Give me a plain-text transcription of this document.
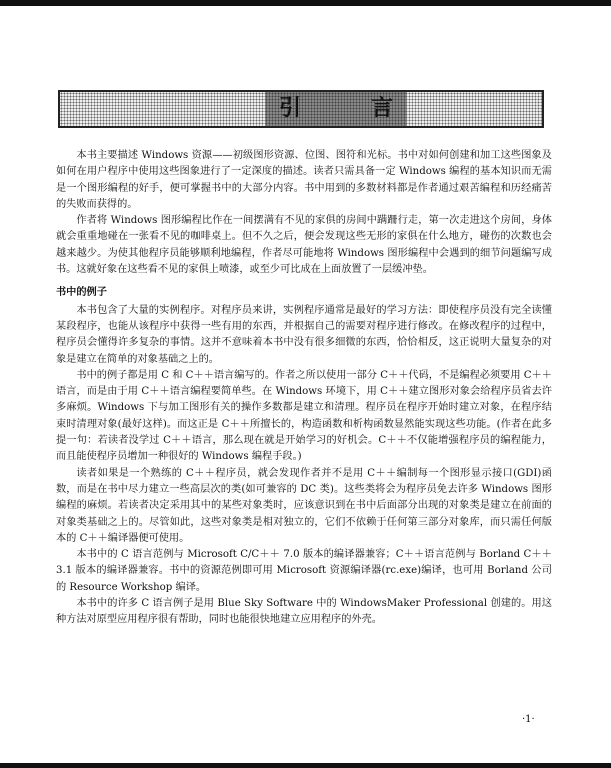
引	言

本书主要描述 Windows 资源——初级图形资源、位图、图符和光标。书中对如何创建和加工这些图象及如何在用户程序中使用这些图象进行了一定深度的描述。读者只需具备一定 Windows 编程的基本知识而无需是一个图形编程的好手，便可掌握书中的大部分内容。书中用到的多数材料都是作者通过艰苦编程和历经痛苦的失败而获得的。

作者将 Windows 图形编程比作在一间摆满有不见的家俱的房间中蹒跚行走，第一次走进这个房间，身体就会重重地碰在一张看不见的咖啡桌上。但不久之后，便会发现这些无形的家俱在什么地方，碰伤的次数也会越来越少。为使其他程序员能够顺利地编程，作者尽可能地将 Windows 图形编程中会遇到的细节问题编写成书。这就好象在这些看不见的家俱上喷漆，或至少可比成在上面放置了一层缓冲垫。

书中的例子

本书包含了大量的实例程序。对程序员来讲，实例程序通常是最好的学习方法：即使程序员没有完全读懂某段程序，也能从该程序中获得一些有用的东西，并根据自己的需要对程序进行修改。在修改程序的过程中，程序员会懂得许多复杂的事情。这并不意味着本书中没有很多细微的东西，恰恰相反，这正说明大量复杂的对象是建立在简单的对象基础之上的。

书中的例子都是用 C 和 C＋＋语言编写的。作者之所以使用一部分 C＋＋代码，不是编程必须要用 C＋＋语言，而是由于用 C＋＋语言编程要简单些。在 Windows 环境下，用 C＋＋建立图形对象会给程序员省去许多麻烦。Windows 下与加工图形有关的操作多数都是建立和清理。程序员在程序开始时建立对象，在程序结束时清理对象(最好这样)。而这正是 C＋＋所擅长的，构造函数和析构函数显然能实现这些功能。(作者在此多提一句：若读者没学过 C＋＋语言，那么现在就是开始学习的好机会。C＋＋不仅能增强程序员的编程能力，而且能使程序员增加一种很好的 Windows 编程手段。)

读者如果是一个熟练的 C＋＋程序员，就会发现作者并不是用 C＋＋编制每一个图形显示接口(GDI)函数，而是在书中尽力建立一些高层次的类(如可兼容的 DC 类)。这些类将会为程序员免去许多 Windows 图形编程的麻烦。若读者决定采用其中的某些对象类时，应该意识到在书中后面部分出现的对象类是建立在前面的对象类基础之上的。尽管如此，这些对象类是相对独立的，它们不依赖于任何第三部分对象库，而只需任何版本的 C＋＋编译器便可使用。

本书中的 C 语言范例与 Microsoft C/C＋＋ 7.0 版本的编译器兼容；C＋＋语言范例与 Borland C＋＋ 3.1 版本的编译器兼容。书中的资源范例即可用 Microsoft 资源编译器(rc.exe)编译，也可用 Borland 公司的 Resource Workshop 编译。

本书中的许多 C 语言例子是用 Blue Sky Software 中的 WindowsMaker Professional 创建的。用这种方法对原型应用程序很有帮助，同时也能很快地建立应用程序的外壳。

·1·
